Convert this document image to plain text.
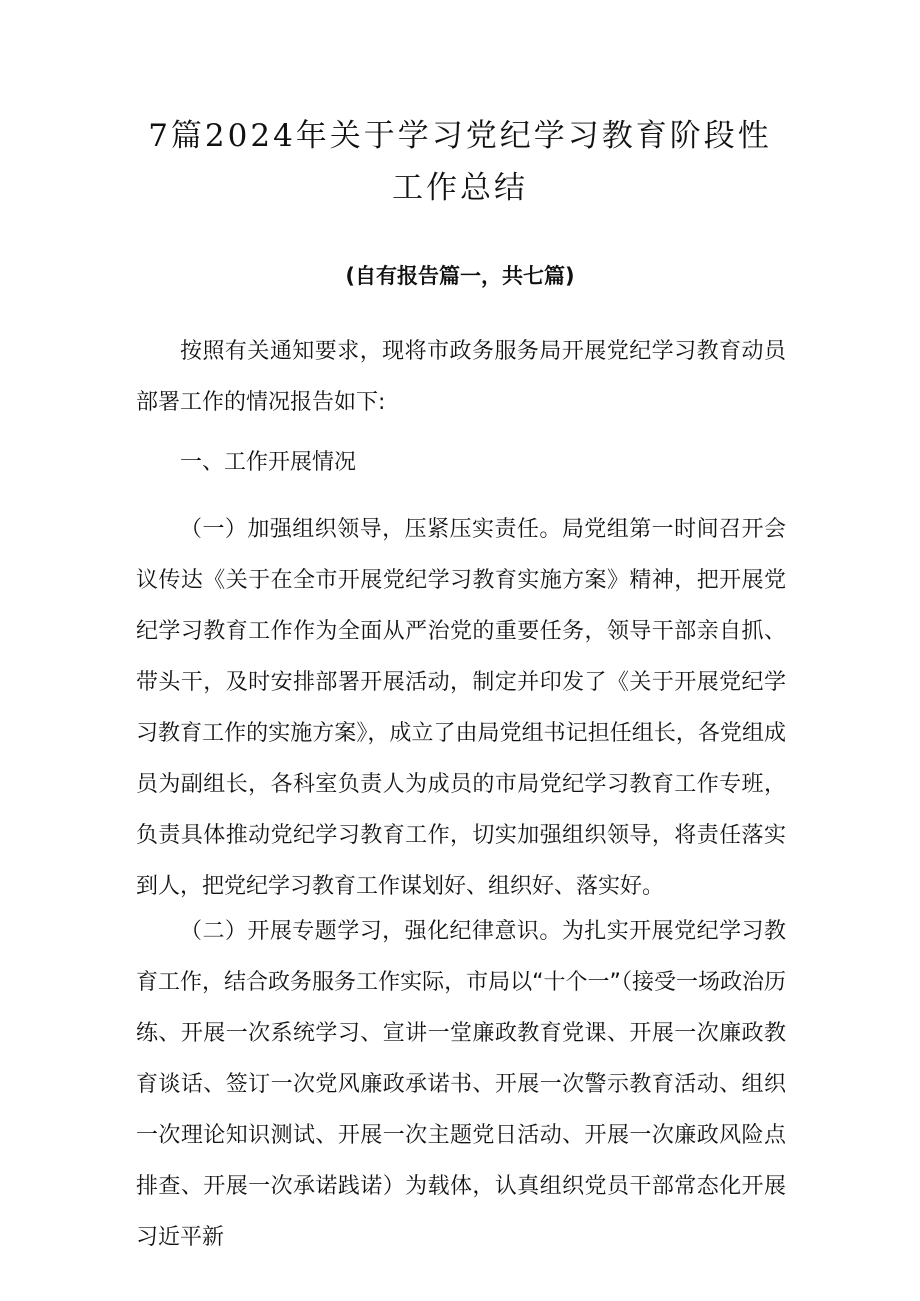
7篇2024年关于学习党纪学习教育阶段性
工作总结

(自有报告篇一，共七篇)

按照有关通知要求，现将市政务服务局开展党纪学习教育动员部署工作的情况报告如下:

一、工作开展情况

（一）加强组织领导，压紧压实责任。局党组第一时间召开会议传达《关于在全市开展党纪学习教育实施方案》精神，把开展党纪学习教育工作作为全面从严治党的重要任务，领导干部亲自抓、带头干，及时安排部署开展活动，制定并印发了《关于开展党纪学习教育工作的实施方案》，成立了由局党组书记担任组长，各党组成员为副组长，各科室负责人为成员的市局党纪学习教育工作专班，负责具体推动党纪学习教育工作，切实加强组织领导，将责任落实到人，把党纪学习教育工作谋划好、组织好、落实好。

（二）开展专题学习，强化纪律意识。为扎实开展党纪学习教育工作，结合政务服务工作实际，市局以“十个一”（接受一场政治历练、开展一次系统学习、宣讲一堂廉政教育党课、开展一次廉政教育谈话、签订一次党风廉政承诺书、开展一次警示教育活动、组织一次理论知识测试、开展一次主题党日活动、开展一次廉政风险点排查、开展一次承诺践诺）为载体，认真组织党员干部常态化开展习近平新
